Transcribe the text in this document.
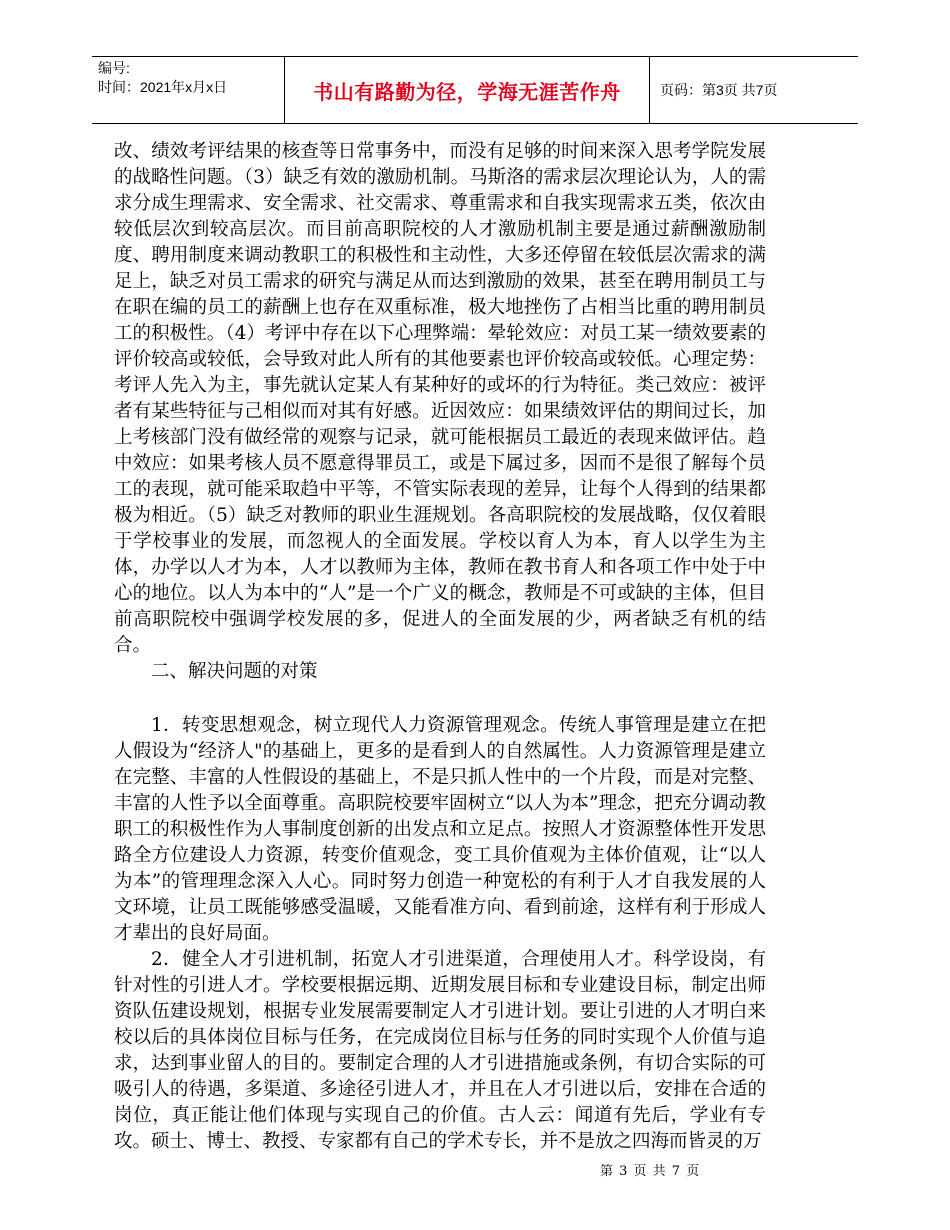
编号:
时间：2021年x月x日	书山有路勤为径，学海无涯苦作舟	页码：第3页 共7页

改、绩效考评结果的核查等日常事务中，而没有足够的时间来深入思考学院发展的战略性问题。（3）缺乏有效的激励机制。马斯洛的需求层次理论认为，人的需求分成生理需求、安全需求、社交需求、尊重需求和自我实现需求五类，依次由较低层次到较高层次。而目前高职院校的人才激励机制主要是通过薪酬激励制度、聘用制度来调动教职工的积极性和主动性，大多还停留在较低层次需求的满足上，缺乏对员工需求的研究与满足从而达到激励的效果，甚至在聘用制员工与在职在编的员工的薪酬上也存在双重标准，极大地挫伤了占相当比重的聘用制员工的积极性。（4）考评中存在以下心理弊端：晕轮效应：对员工某一绩效要素的评价较高或较低，会导致对此人所有的其他要素也评价较高或较低。心理定势：考评人先入为主，事先就认定某人有某种好的或坏的行为特征。类己效应：被评者有某些特征与己相似而对其有好感。近因效应：如果绩效评估的期间过长，加上考核部门没有做经常的观察与记录，就可能根据员工最近的表现来做评估。趋中效应：如果考核人员不愿意得罪员工，或是下属过多，因而不是很了解每个员工的表现，就可能采取趋中平等，不管实际表现的差异，让每个人得到的结果都极为相近。（5）缺乏对教师的职业生涯规划。各高职院校的发展战略，仅仅着眼于学校事业的发展，而忽视人的全面发展。学校以育人为本，育人以学生为主体，办学以人才为本，人才以教师为主体，教师在教书育人和各项工作中处于中心的地位。以人为本中的“人”是一个广义的概念，教师是不可或缺的主体，但目前高职院校中强调学校发展的多，促进人的全面发展的少，两者缺乏有机的结合。

二、解决问题的对策

1．转变思想观念，树立现代人力资源管理观念。传统人事管理是建立在把人假设为“经济人"的基础上，更多的是看到人的自然属性。人力资源管理是建立在完整、丰富的人性假设的基础上，不是只抓人性中的一个片段，而是对完整、丰富的人性予以全面尊重。高职院校要牢固树立“以人为本”理念，把充分调动教职工的积极性作为人事制度创新的出发点和立足点。按照人才资源整体性开发思路全方位建设人力资源，转变价值观念，变工具价值观为主体价值观，让“以人为本”的管理理念深入人心。同时努力创造一种宽松的有利于人才自我发展的人文环境，让员工既能够感受温暖，又能看准方向、看到前途，这样有利于形成人才辈出的良好局面。

2．健全人才引进机制，拓宽人才引进渠道，合理使用人才。科学设岗，有针对性的引进人才。学校要根据远期、近期发展目标和专业建设目标，制定出师资队伍建设规划，根据专业发展需要制定人才引进计划。要让引进的人才明白来校以后的具体岗位目标与任务，在完成岗位目标与任务的同时实现个人价值与追求，达到事业留人的目的。要制定合理的人才引进措施或条例，有切合实际的可吸引人的待遇，多渠道、多途径引进人才，并且在人才引进以后，安排在合适的岗位，真正能让他们体现与实现自己的价值。古人云：闻道有先后，学业有专攻。硕士、博士、教授、专家都有自己的学术专长，并不是放之四海而皆灵的万

第 3 页 共 7 页
